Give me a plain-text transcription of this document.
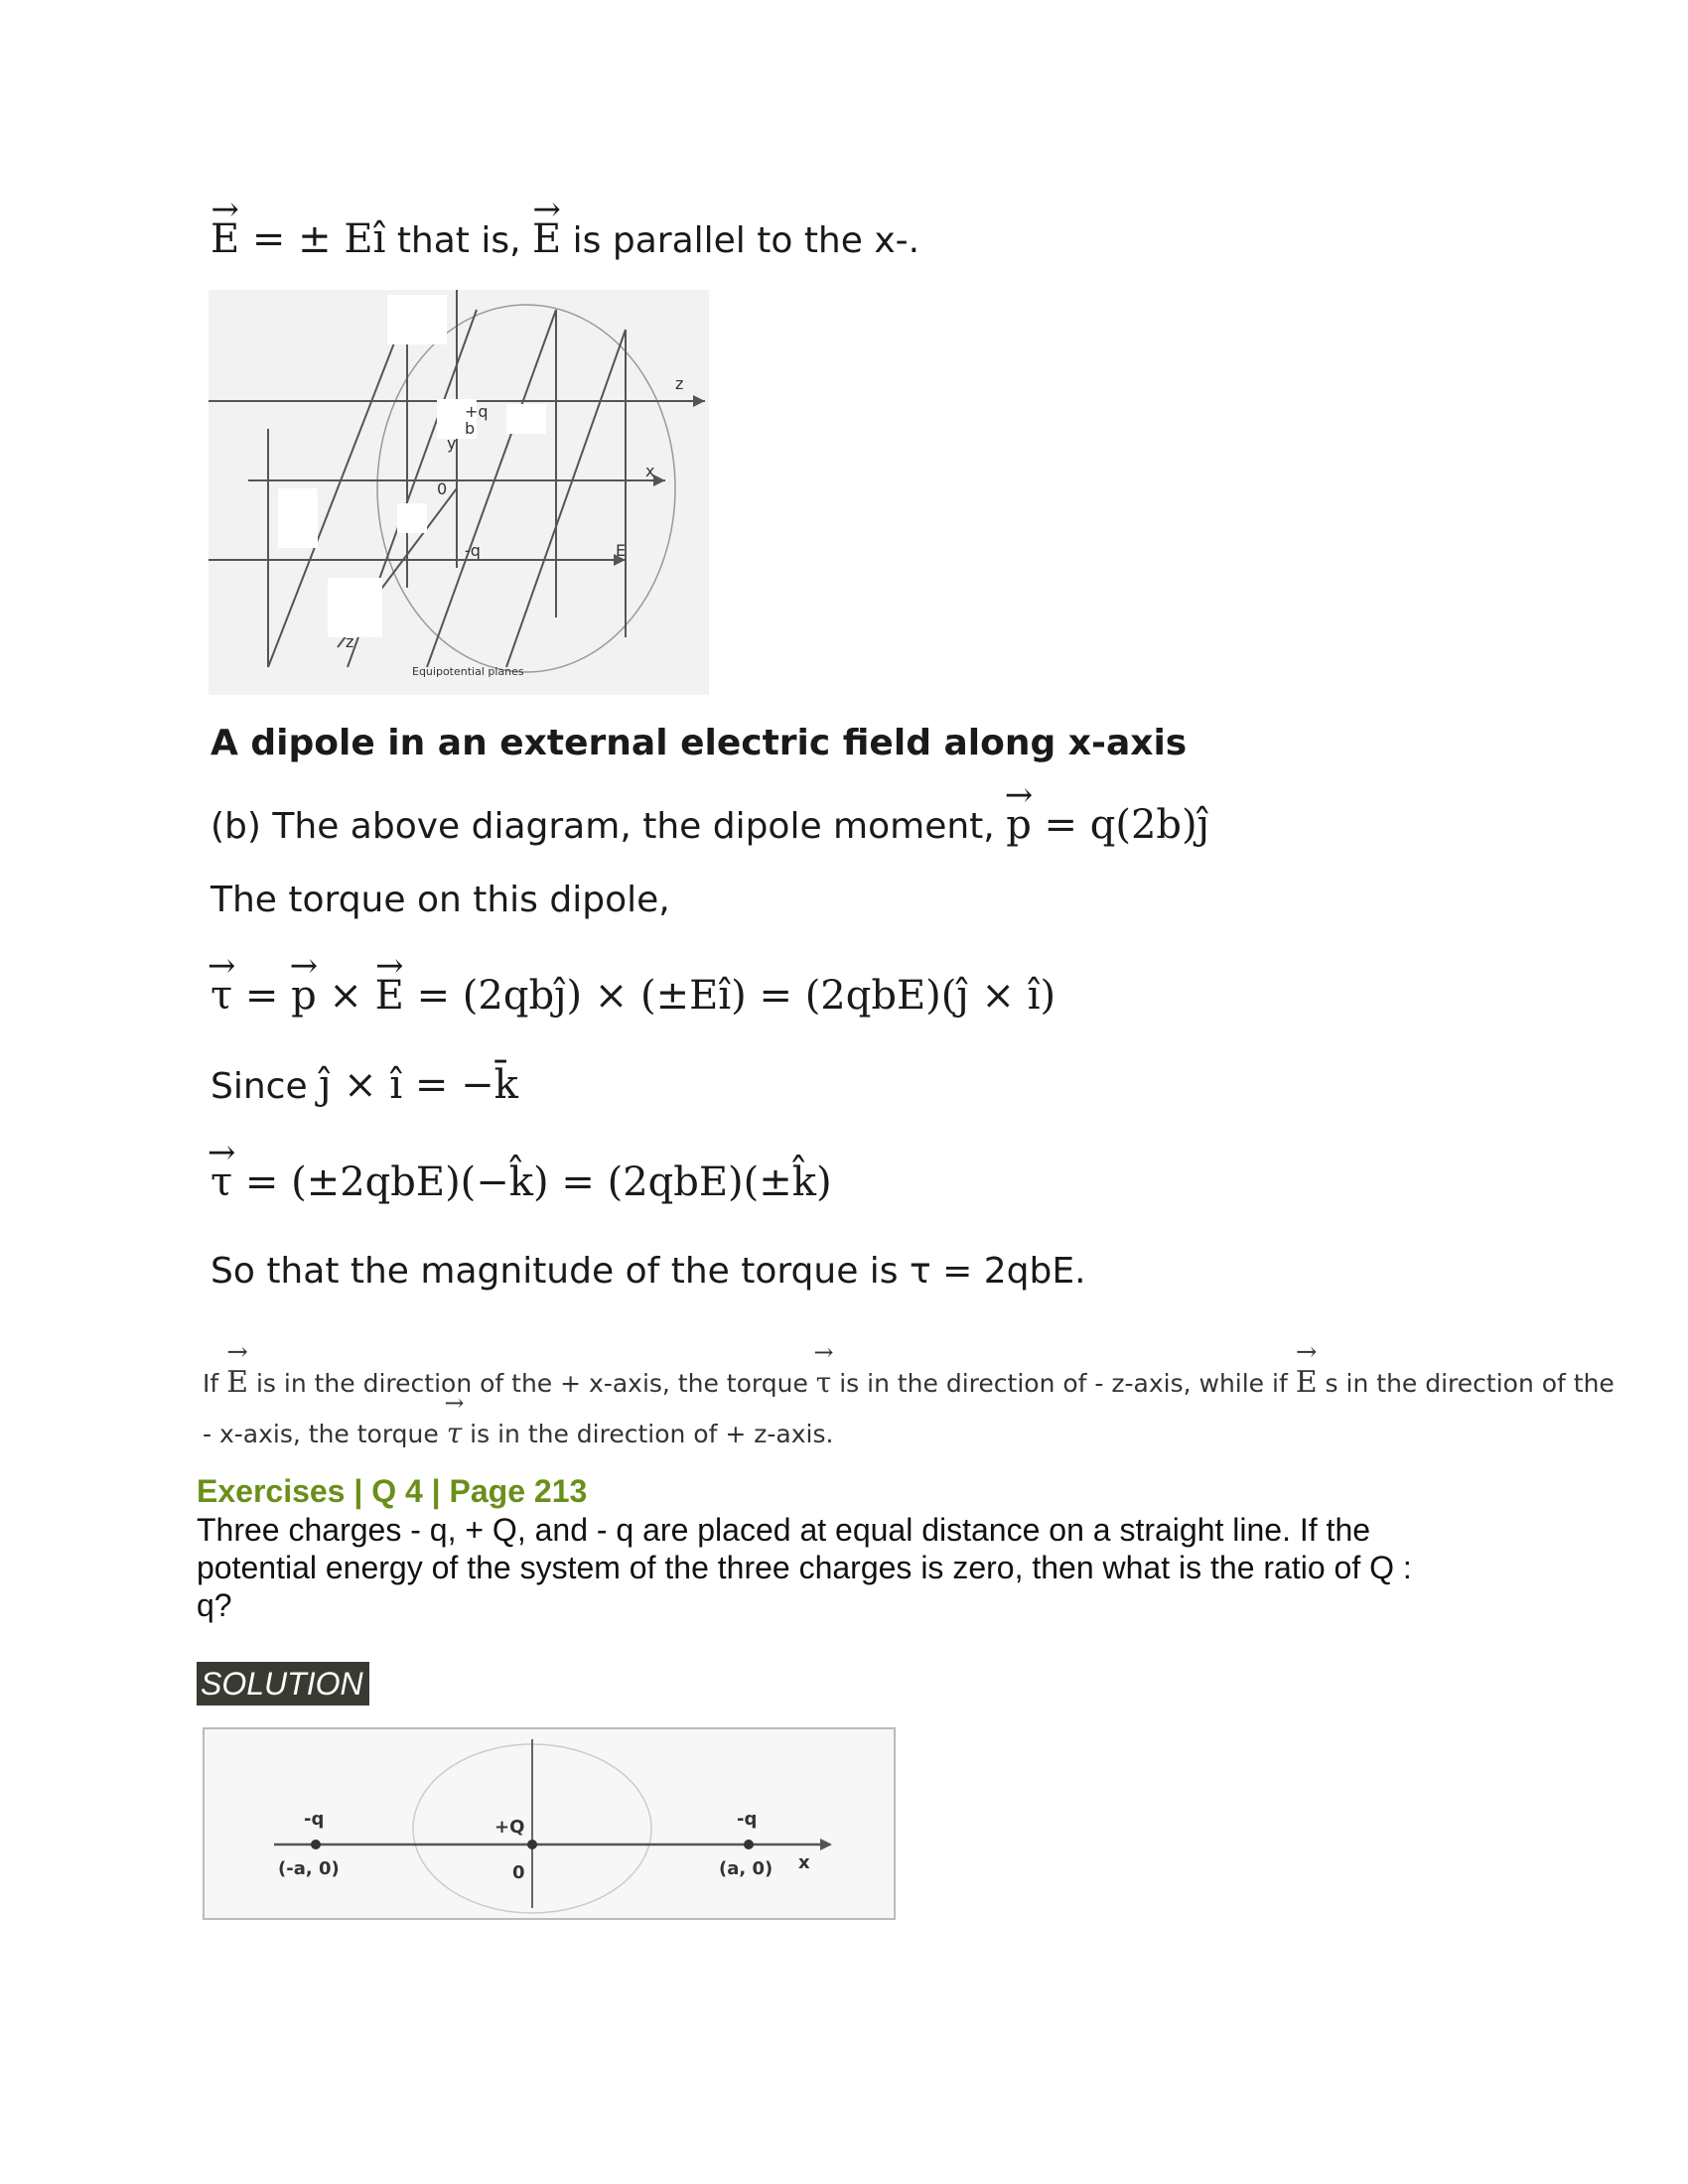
→ E = ± Eî that is, → E is parallel to the x-.
z
x
E
y
z
0
+q
-q
b
Equipotential planes
A dipole in an external electric field along x-axis
(b) The above diagram, the dipole moment, → p = q(2b)ĵ
The torque on this dipole,
→ τ = → p × → E = (2qbĵ) × (±Eî) = (2qbE)(ĵ × î)
Since ĵ × î = −k̄
→ τ = (±2qbE)(−k̂) = (2qbE)(±k̂)
So that the magnitude of the torque is τ = 2qbE.
If → E is in the direction of the + x-axis, the torque → τ is in the direction of - z-axis, while if → E s in the direction of the
- x-axis, the torque → τ is in the direction of + z-axis.
Exercises | Q 4 | Page 213
Three charges - q, + Q, and - q are placed at equal distance on a straight line. If the
potential energy of the system of the three charges is zero, then what is the ratio of Q :
q?
SOLUTION
-q	+Q	-q
(-a, 0)	0	(a, 0) x
